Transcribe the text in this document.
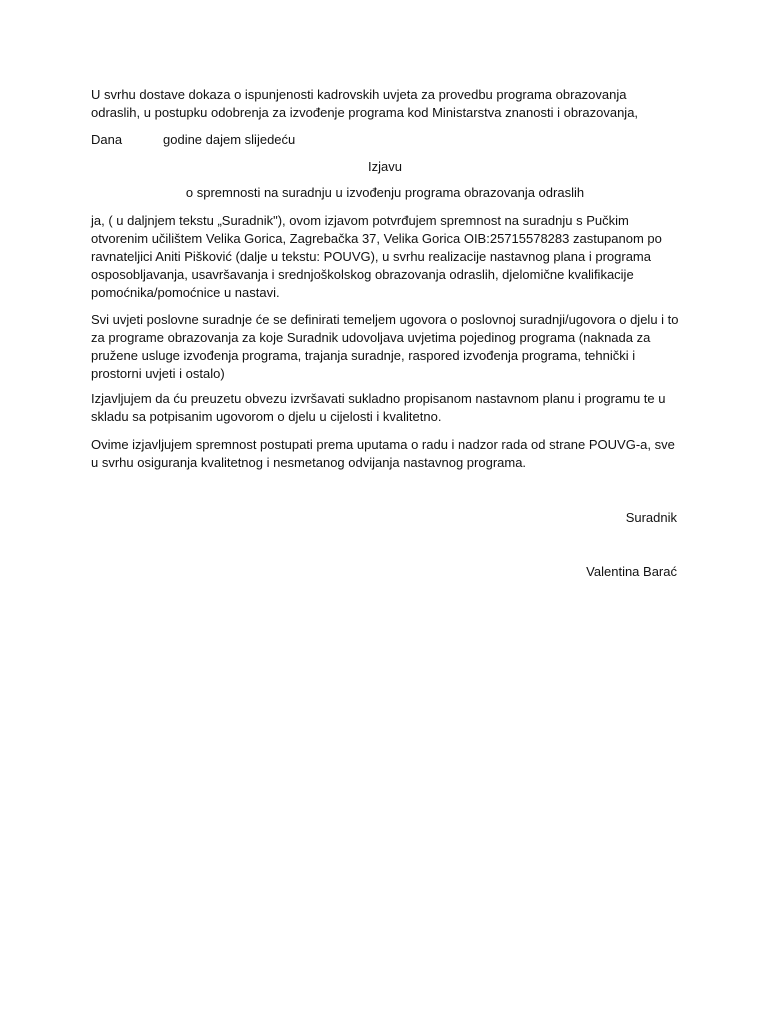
U svrhu dostave dokaza o ispunjenosti kadrovskih uvjeta za provedbu programa obrazovanja odraslih, u postupku odobrenja za izvođenje programa kod Ministarstva znanosti i obrazovanja,

Dana	godine dajem slijedeću

Izjavu

o spremnosti na suradnju u izvođenju programa obrazovanja odraslih

ja, ( u daljnjem tekstu „Suradnik"), ovom izjavom potvrđujem spremnost na suradnju s Pučkim otvorenim učilištem Velika Gorica, Zagrebačka 37, Velika Gorica OIB:25715578283 zastupanom po ravnateljici Aniti Pišković (dalje u tekstu: POUVG), u svrhu realizacije nastavnog plana i programa osposobljavanja, usavršavanja i srednjoškolskog obrazovanja odraslih, djelomične kvalifikacije pomoćnika/pomoćnice u nastavi.

Svi uvjeti poslovne suradnje će se definirati temeljem ugovora o poslovnoj suradnji/ugovora o djelu i to za programe obrazovanja za koje Suradnik udovoljava uvjetima pojedinog programa (naknada za pružene usluge izvođenja programa, trajanja suradnje, raspored izvođenja programa, tehnički i prostorni uvjeti i ostalo)

Izjavljujem da ću preuzetu obvezu izvršavati sukladno propisanom nastavnom planu i programu te u skladu sa potpisanim ugovorom o djelu u cijelosti i kvalitetno.

Ovime izjavljujem spremnost postupati prema uputama o radu i nadzor rada od strane POUVG-a, sve u svrhu osiguranja kvalitetnog i nesmetanog odvijanja nastavnog programa.

Suradnik

Valentina Barać
